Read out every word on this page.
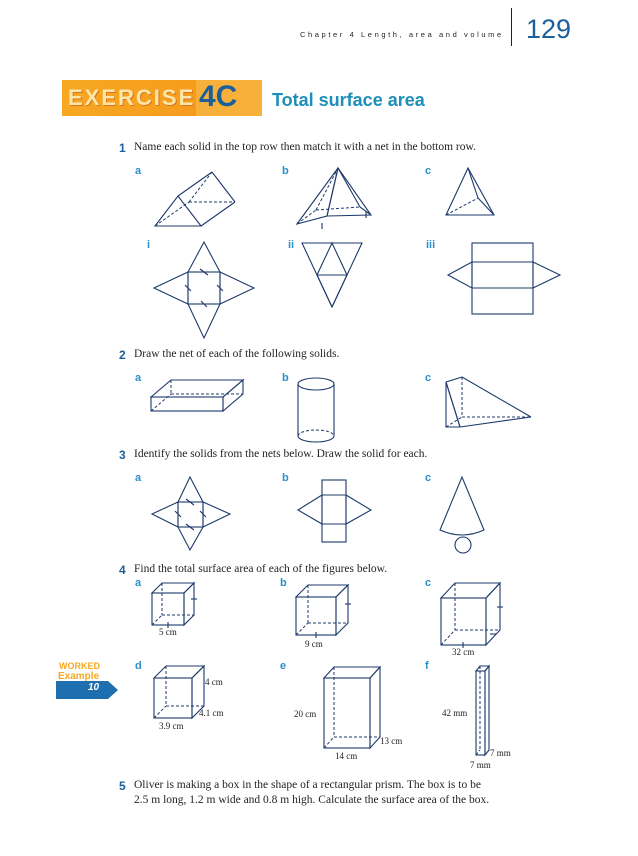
Chapter 4 Length, area and volume 129
EXERCISE 4C Total surface area
WORKED
Example
10
1 Name each solid in the top row then match it with a net in the bottom row.
a	b	c
i	ii	iii
2 Draw the net of each of the following solids.
a	b	c
3 Identify the solids from the nets below. Draw the solid for each.
a	b	c
4 Find the total surface area of each of the figures below.
a	b	c
d	e	f
5 cm
9 cm
32 cm
4 cm
4.1 cm
3.9 cm
20 cm
14 cm
13 cm
42 mm
7 mm
7 mm
5 Oliver is making a box in the shape of a rectangular prism. The box is to be
2.5 m long, 1.2 m wide and 0.8 m high. Calculate the surface area of the box.
